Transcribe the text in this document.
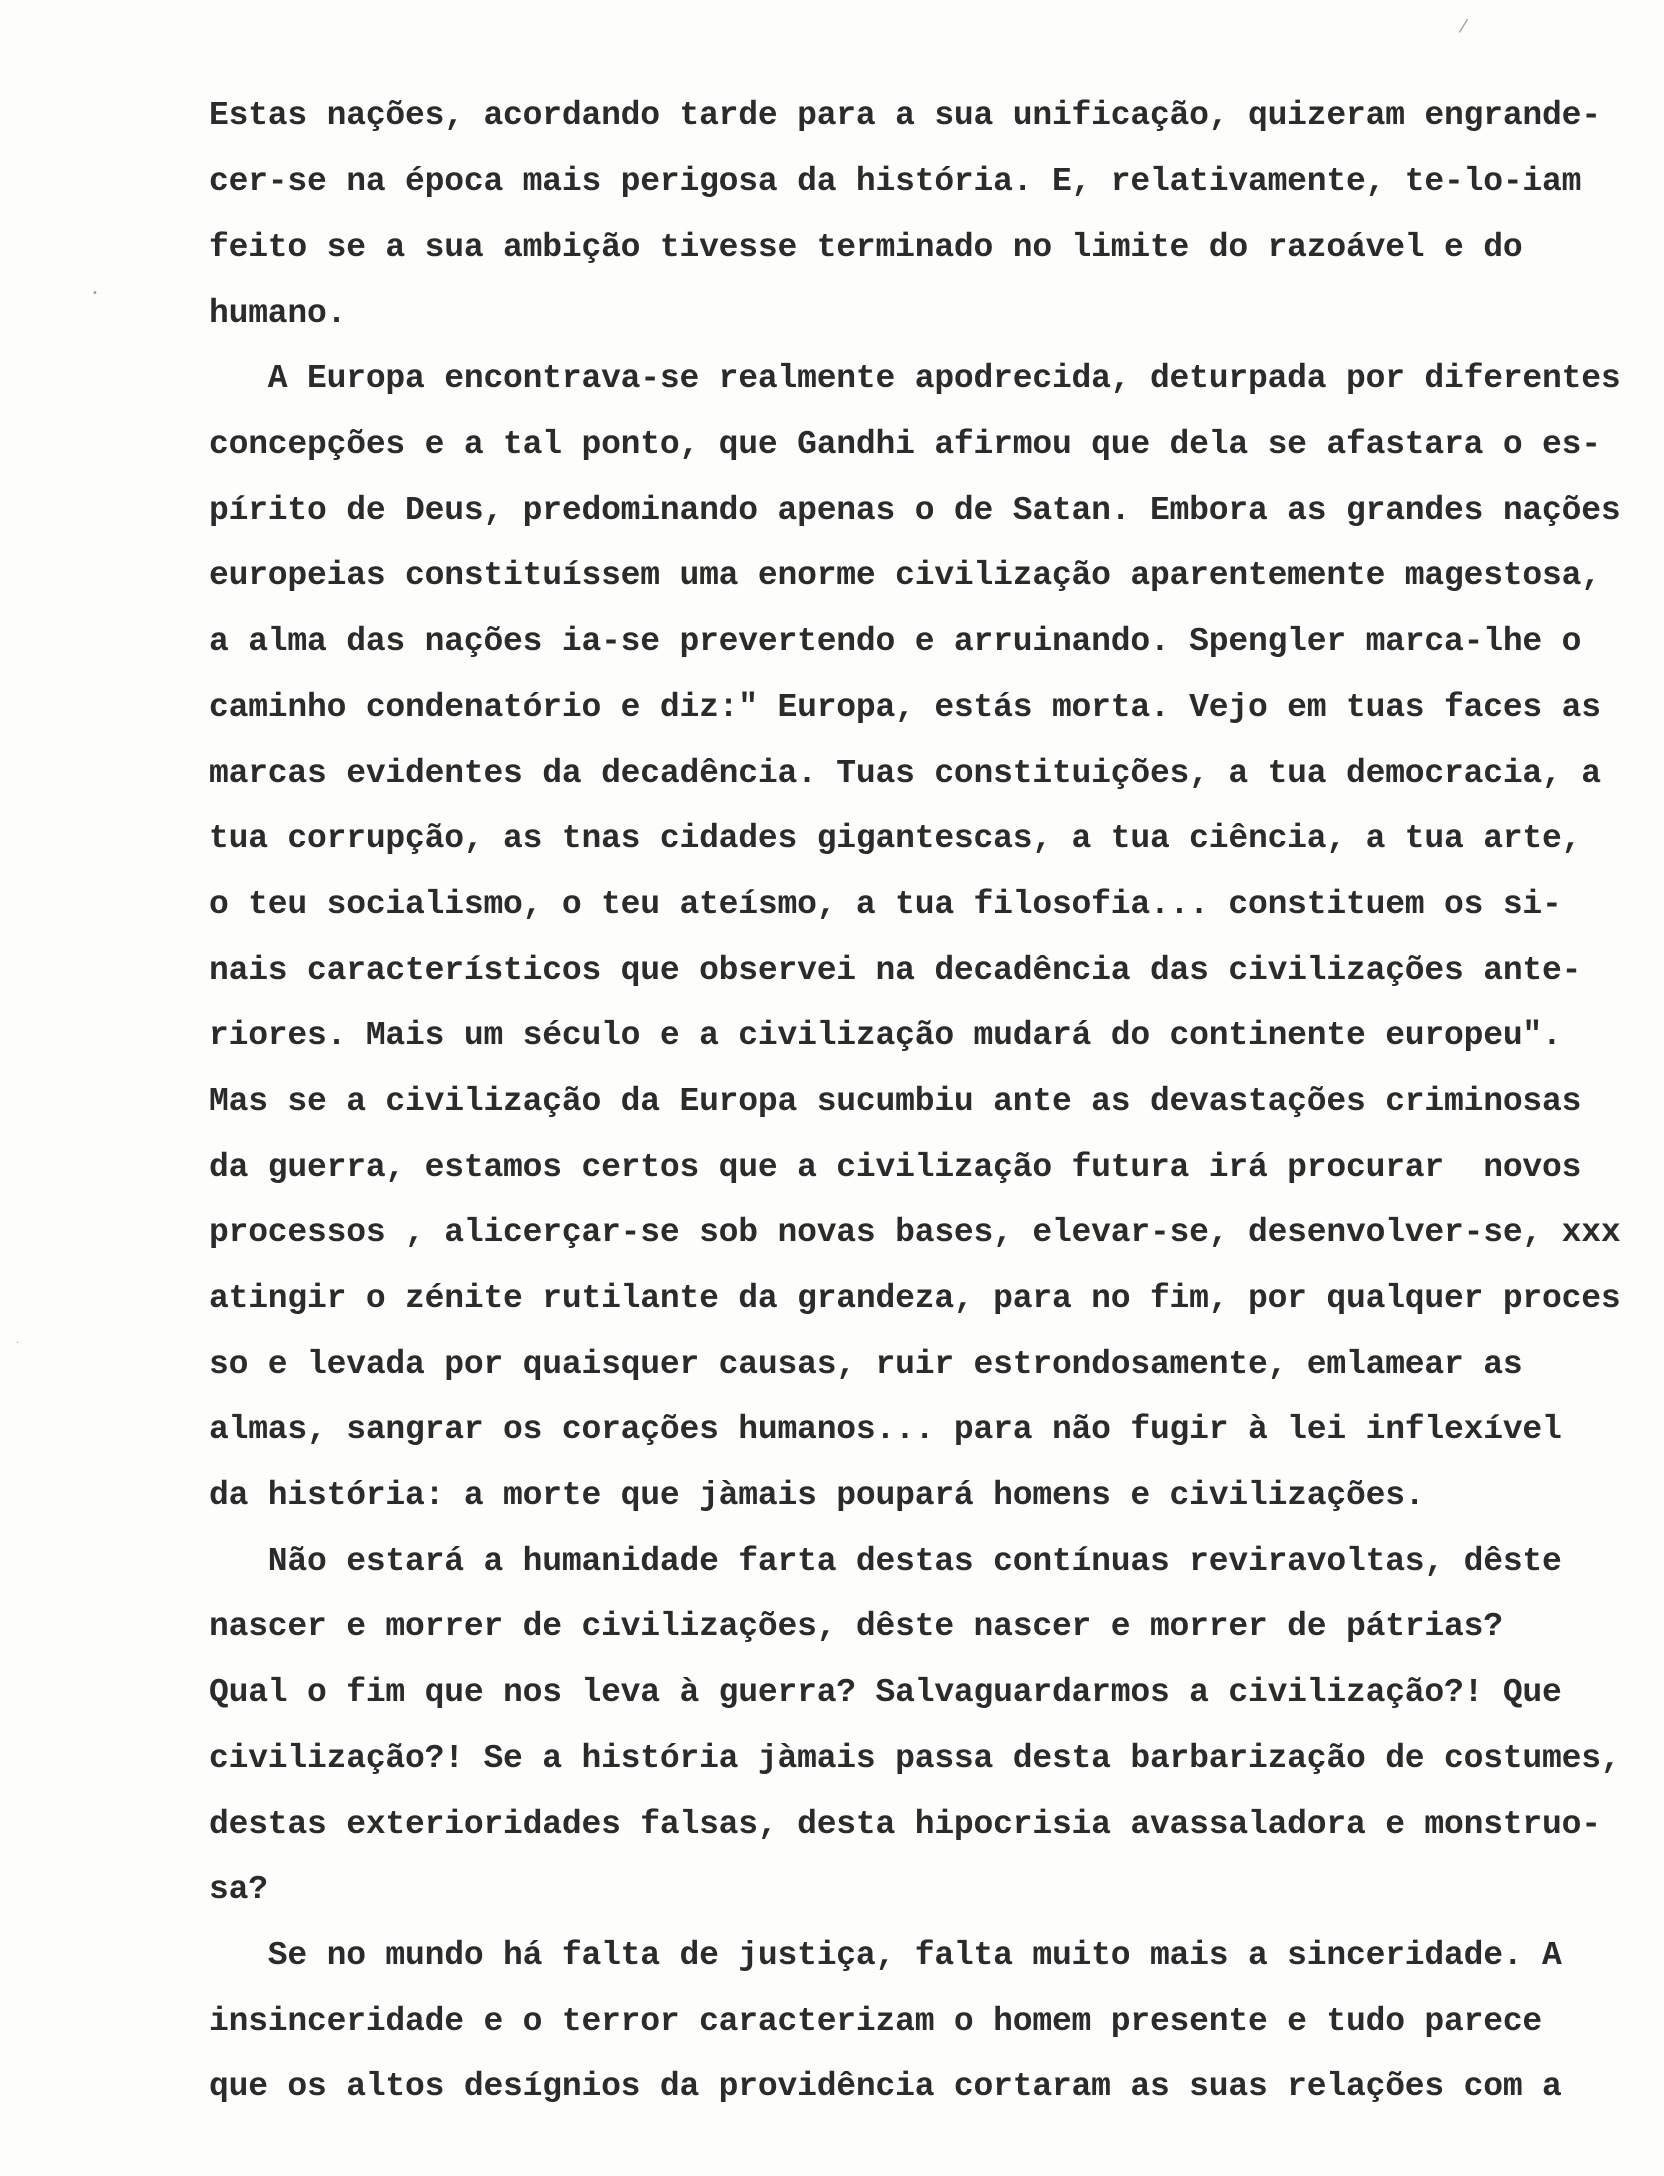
⁄
•
·
Estas nações, acordando tarde para a sua unificação, quizeram engrande-
cer-se na época mais perigosa da história. E, relativamente, te-lo-iam
feito se a sua ambição tivesse terminado no limite do razoável e do
humano.
A Europa encontrava-se realmente apodrecida, deturpada por diferentes
concepções e a tal ponto, que Gandhi afirmou que dela se afastara o es-
pírito de Deus, predominando apenas o de Satan. Embora as grandes nações
europeias constituíssem uma enorme civilização aparentemente magestosa,
a alma das nações ia-se prevertendo e arruinando. Spengler marca-lhe o
caminho condenatório e diz:" Europa, estás morta. Vejo em tuas faces as
marcas evidentes da decadência. Tuas constituições, a tua democracia, a
tua corrupção, as tnas cidades gigantescas, a tua ciência, a tua arte,
o teu socialismo, o teu ateísmo, a tua filosofia... constituem os si-
nais característicos que observei na decadência das civilizações ante-
riores. Mais um século e a civilização mudará do continente europeu".
Mas se a civilização da Europa sucumbiu ante as devastações criminosas
da guerra, estamos certos que a civilização futura irá procurar  novos
processos , alicerçar-se sob novas bases, elevar-se, desenvolver-se, xxx
atingir o zénite rutilante da grandeza, para no fim, por qualquer proces
so e levada por quaisquer causas, ruir estrondosamente, emlamear as
almas, sangrar os corações humanos... para não fugir à lei inflexível
da história: a morte que jàmais poupará homens e civilizações.
Não estará a humanidade farta destas contínuas reviravoltas, dêste
nascer e morrer de civilizações, dêste nascer e morrer de pátrias?
Qual o fim que nos leva à guerra? Salvaguardarmos a civilização?! Que
civilização?! Se a história jàmais passa desta barbarização de costumes,
destas exterioridades falsas, desta hipocrisia avassaladora e monstruo-
sa?
Se no mundo há falta de justiça, falta muito mais a sinceridade. A
insinceridade e o terror caracterizam o homem presente e tudo parece
que os altos desígnios da providência cortaram as suas relações com a
